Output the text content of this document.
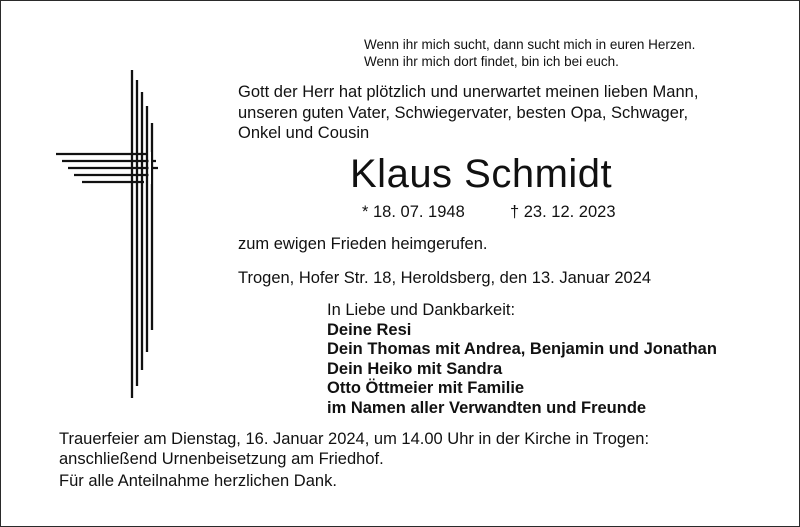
Wenn ihr mich sucht, dann sucht mich in euren Herzen.
Wenn ihr mich dort findet, bin ich bei euch.
Gott der Herr hat plötzlich und unerwartet meinen lieben Mann,
unseren guten Vater, Schwiegervater, besten Opa, Schwager,
Onkel und Cousin
Klaus Schmidt
* 18. 07. 1948	† 23. 12. 2023
zum ewigen Frieden heimgerufen.
Trogen, Hofer Str. 18, Heroldsberg, den 13. Januar 2024
In Liebe und Dankbarkeit:
Deine Resi
Dein Thomas mit Andrea, Benjamin und Jonathan
Dein Heiko mit Sandra
Otto Öttmeier mit Familie
im Namen aller Verwandten und Freunde
Trauerfeier am Dienstag, 16. Januar 2024, um 14.00 Uhr in der Kirche in Trogen:
anschließend Urnenbeisetzung am Friedhof.
Für alle Anteilnahme herzlichen Dank.
